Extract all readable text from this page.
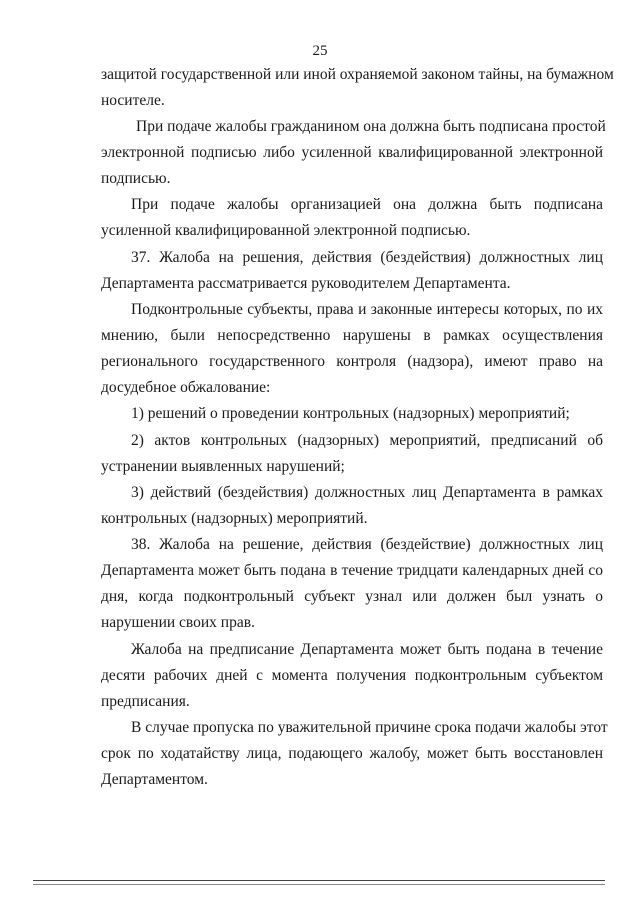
25
защитой государственной или иной охраняемой законом тайны, на бумажном
носителе.
При подаче жалобы гражданином она должна быть подписана простой
электронной подписью либо усиленной квалифицированной электронной
подписью.
При подаче жалобы организацией она должна быть подписана
усиленной квалифицированной электронной подписью.
37. Жалоба на решения, действия (бездействия) должностных лиц
Департамента рассматривается руководителем Департамента.
Подконтрольные субъекты, права и законные интересы которых, по их
мнению, были непосредственно нарушены в рамках осуществления
регионального государственного контроля (надзора), имеют право на
досудебное обжалование:
1) решений о проведении контрольных (надзорных) мероприятий;
2) актов контрольных (надзорных) мероприятий, предписаний об
устранении выявленных нарушений;
3) действий (бездействия) должностных лиц Департамента в рамках
контрольных (надзорных) мероприятий.
38. Жалоба на решение, действия (бездействие) должностных лиц
Департамента может быть подана в течение тридцати календарных дней со
дня, когда подконтрольный субъект узнал или должен был узнать о
нарушении своих прав.
Жалоба на предписание Департамента может быть подана в течение
десяти рабочих дней с момента получения подконтрольным субъектом
предписания.
В случае пропуска по уважительной причине срока подачи жалобы этот
срок по ходатайству лица, подающего жалобу, может быть восстановлен
Департаментом.
